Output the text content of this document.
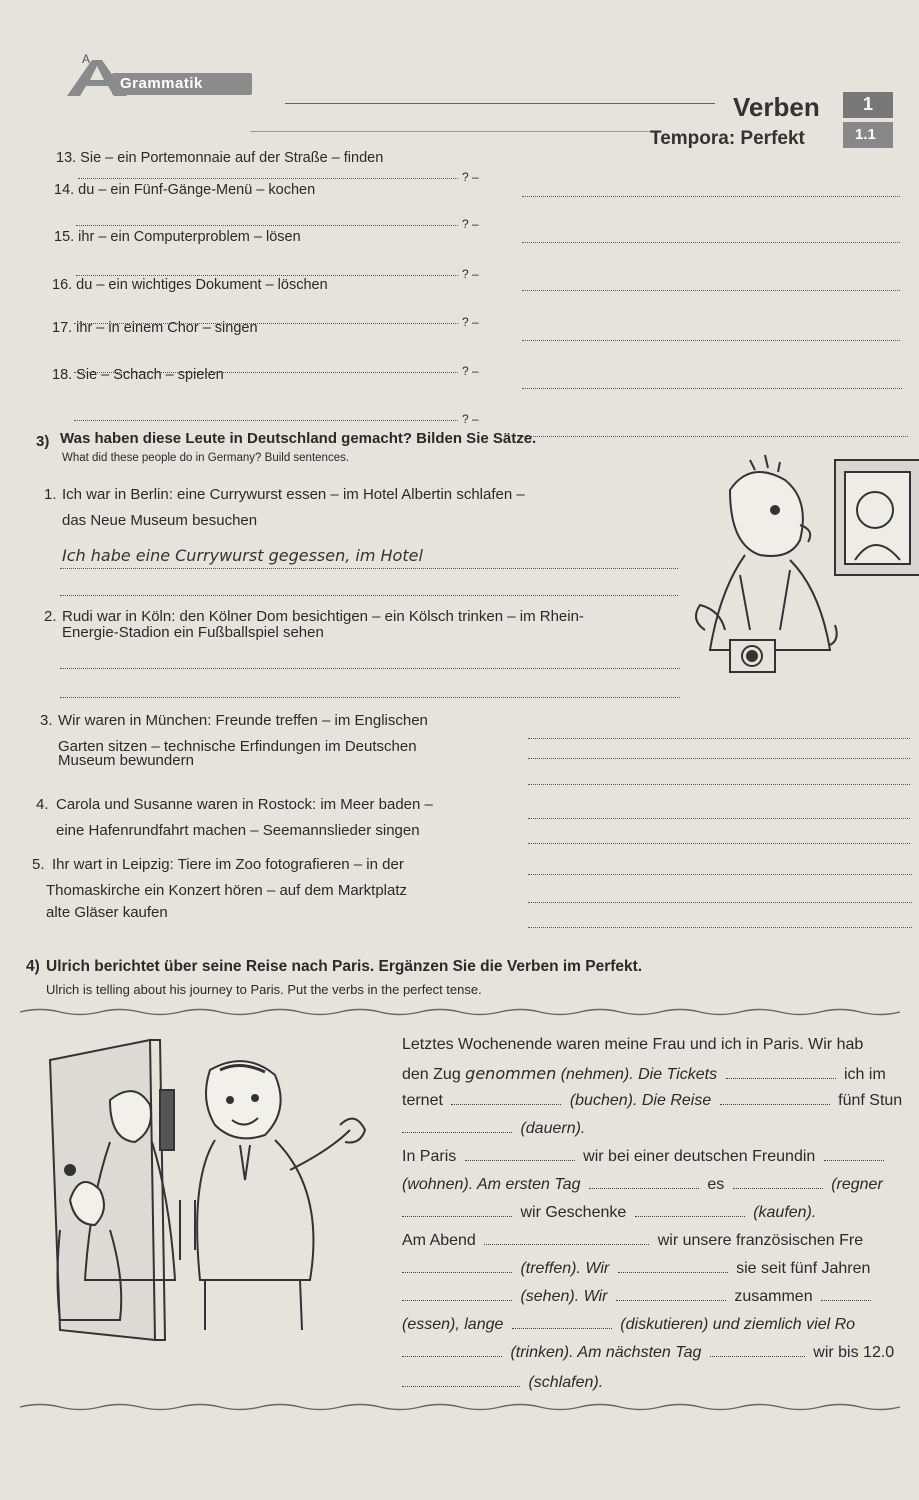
Grammatik
A
Verben
Tempora: Perfekt
1
1.1
13. Sie – ein Portemonnaie auf der Straße – finden
? –
14. du – ein Fünf-Gänge-Menü – kochen
? –
15. ihr – ein Computerproblem – lösen
? –
16. du – ein wichtiges Dokument – löschen
? –
17. ihr – in einem Chor – singen
? –
18. Sie – Schach – spielen
? –
3) Was haben diese Leute in Deutschland gemacht? Bilden Sie Sätze.
What did these people do in Germany? Build sentences.
1. Ich war in Berlin: eine Currywurst essen – im Hotel Albertin schlafen –
das Neue Museum besuchen
Ich habe eine Currywurst gegessen, im Hotel
2. Rudi war in Köln: den Kölner Dom besichtigen – ein Kölsch trinken – im Rhein-
Energie-Stadion ein Fußballspiel sehen
3. Wir waren in München: Freunde treffen – im Englischen
Garten sitzen – technische Erfindungen im Deutschen
Museum bewundern
4. Carola und Susanne waren in Rostock: im Meer baden –
eine Hafenrundfahrt machen – Seemannslieder singen
5. Ihr wart in Leipzig: Tiere im Zoo fotografieren – in der
Thomaskirche ein Konzert hören – auf dem Marktplatz
alte Gläser kaufen
4) Ulrich berichtet über seine Reise nach Paris. Ergänzen Sie die Verben im Perfekt.
Ulrich is telling about his journey to Paris. Put the verbs in the perfect tense.
Letztes Wochenende waren meine Frau und ich in Paris. Wir hab
den Zug genommen (nehmen). Die Tickets	ich im
ternet	(buchen). Die Reise	fünf Stun
(dauern).
In Paris	wir bei einer deutschen Freundin
(wohnen). Am ersten Tag	es	(regner
wir Geschenke	(kaufen).
Am Abend	wir unsere französischen Fre
(treffen). Wir	sie seit fünf Jahren
(sehen). Wir	zusammen
(essen), lange	(diskutieren) und ziemlich viel Ro
(trinken). Am nächsten Tag	wir bis 12.0
(schlafen).
